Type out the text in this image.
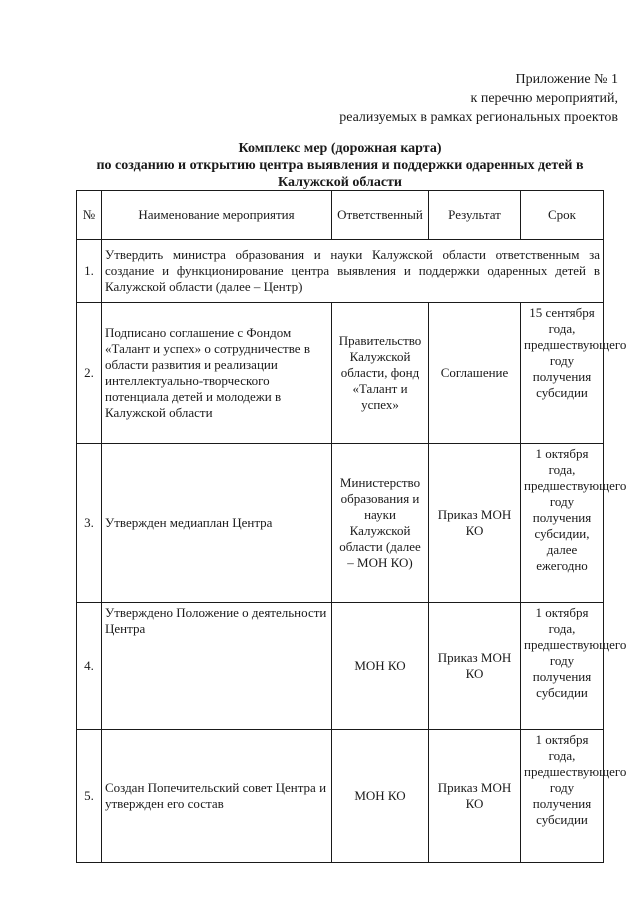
Приложение № 1
к перечню мероприятий,
реализуемых в рамках региональных проектов
Комплекс мер (дорожная карта)
по созданию и открытию центра выявления и поддержки одаренных детей в
Калужской области
№	Наименование мероприятия	Ответственный	Результат	Срок
1.	Утвердить министра образования и науки Калужской области ответственным за создание и функционирование центра выявления и поддержки одаренных детей в Калужской области (далее – Центр)			
2.	Подписано соглашение с Фондом «Талант и успех» о сотрудничестве в области развития и реализации интеллектуально-творческого потенциала детей и молодежи в Калужской области	Правительство Калужской области, фонд «Талант и успех»	Соглашение	15 сентября года, предшествующего году получения субсидии
3.	Утвержден медиаплан Центра	Министерство образования и науки Калужской области (далее – МОН КО)	Приказ МОН КО	1 октября года, предшествующего году получения субсидии, далее ежегодно
4.	Утверждено Положение о деятельности Центра	МОН КО	Приказ МОН КО	1 октября года, предшествующего году получения субсидии
5.	Создан Попечительский совет Центра и утвержден его состав	МОН КО	Приказ МОН КО	1 октября года, предшествующего году получения субсидии
